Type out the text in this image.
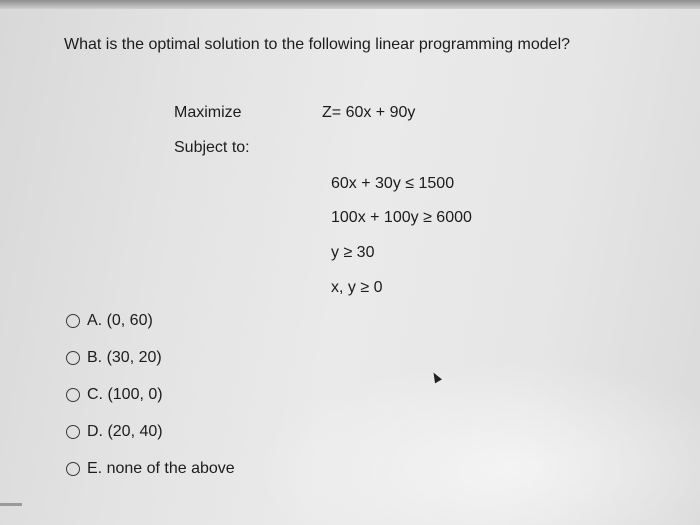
What is the optimal solution to the following linear programming model?
Maximize	Z= 60x + 90y
Subject to:
60x + 30y ≤ 1500
100x + 100y ≥ 6000
y ≥ 30
x, y ≥ 0
A. (0, 60)
B. (30, 20)
C. (100, 0)
D. (20, 40)
E. none of the above
